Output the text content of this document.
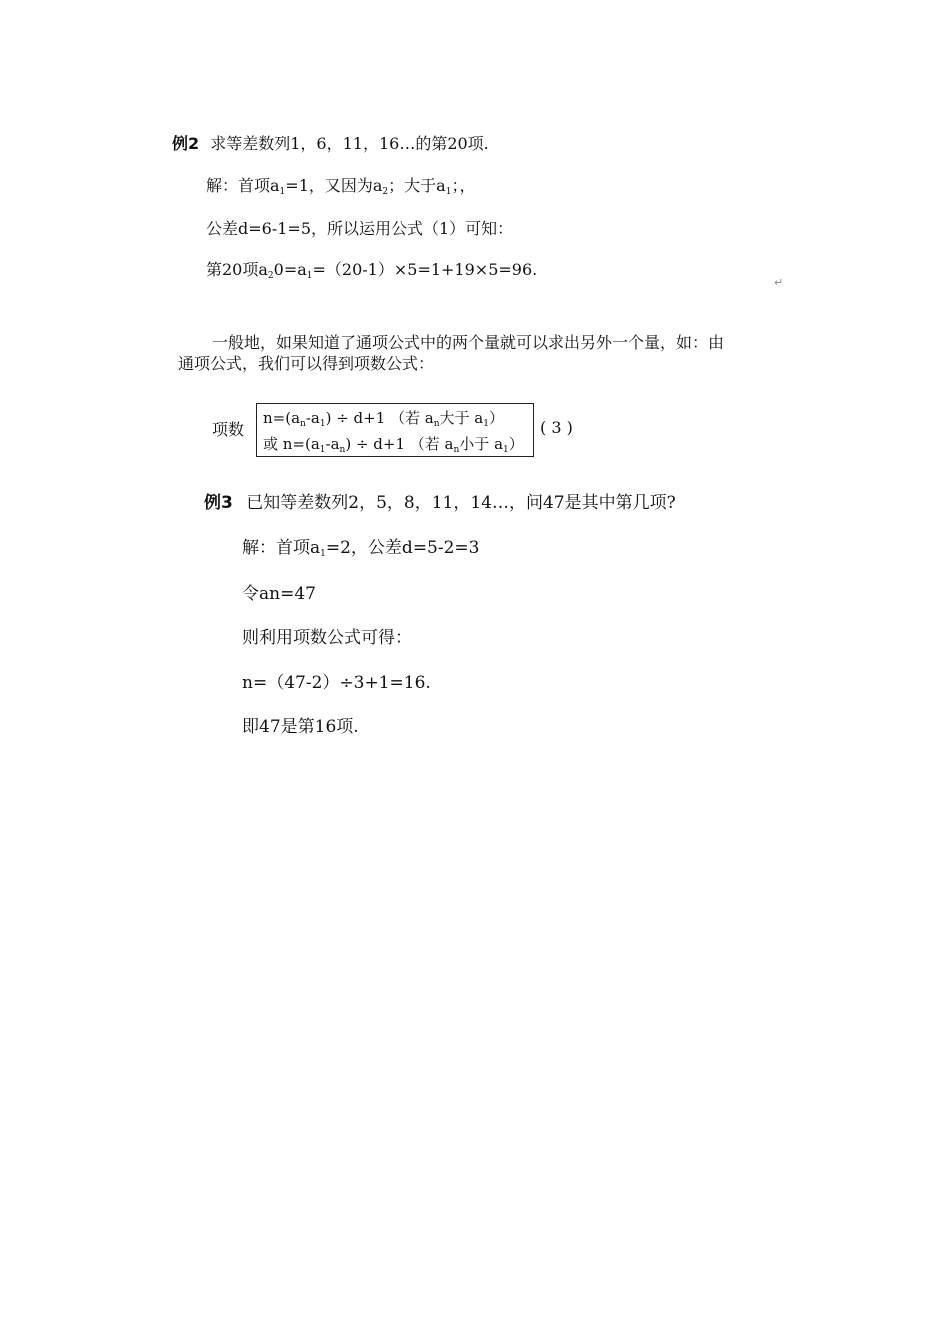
例2 求等差数列1，6，11，16…的第20项.
解：首项$a_1=1$，又因为$a_2$；大于$a_1$；，
公差d=6-1=5，所以运用公式（1）可知：
第20项$a_20=a_1=(20-1)\times 5=1+19\times 5=96$.
↵
一般地，如果知道了通项公式中的两个量就可以求出另外一个量，如：由
通项公式，我们可以得到项数公式：
项数
$n=(a_n-a_1) \div d+1$ （若 $a_n$大于 $a_1$）
或 $n=(a_1-a_n) \div d+1$ （若 $a_n$小于 $a_1$）
( 3 )
例3 已知等差数列2，5，8，11，14…，问47是其中第几项?
解：首项$a_1=2$，公差d=5-2=3
令an=47
则利用项数公式可得：
n=（47-2）÷3+1=16.
即47是第16项.
